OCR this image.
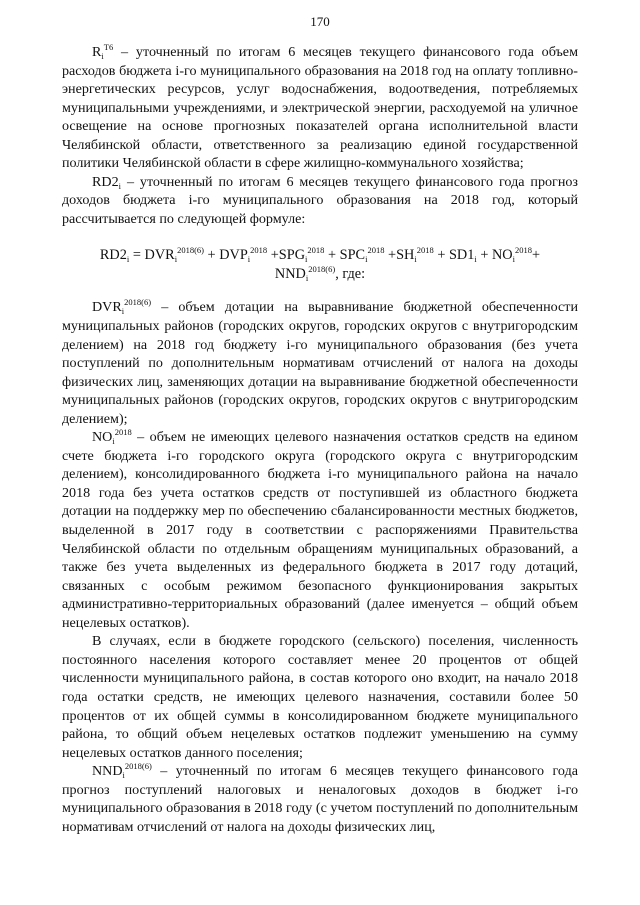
170

$R_i^{T6}$ – уточненный по итогам 6 месяцев текущего финансового года объем расходов бюджета i-го муниципального образования на 2018 год на оплату топливно-энергетических ресурсов, услуг водоснабжения, водоотведения, потребляемых муниципальными учреждениями, и электрической энергии, расходуемой на уличное освещение на основе прогнозных показателей органа исполнительной власти Челябинской области, ответственного за реализацию единой государственной политики Челябинской области в сфере жилищно-коммунального хозяйства;

$RD2_i$ – уточненный по итогам 6 месяцев текущего финансового года прогноз доходов бюджета i-го муниципального образования на 2018 год, который рассчитывается по следующей формуле:

$RD2_i = DVR_i^{2018(6)} + DVP_i^{2018} +SPG_i^{2018} + SPC_i^{2018} +SH_i^{2018} + SD1_i + NO_i^{2018}+$
$NND_i^{2018(6)}$, где:

$DVR_i^{2018(6)}$ – объем дотации на выравнивание бюджетной обеспеченности муниципальных районов (городских округов, городских округов с внутригородским делением) на 2018 год бюджету i-го муниципального образования (без учета поступлений по дополнительным нормативам отчислений от налога на доходы физических лиц, заменяющих дотации на выравнивание бюджетной обеспеченности муниципальных районов (городских округов, городских округов с внутригородским делением);

$NO_i^{2018}$ – объем не имеющих целевого назначения остатков средств на едином счете бюджета i-го городского округа (городского округа с внутригородским делением), консолидированного бюджета i-го муниципального района на начало 2018 года без учета остатков средств от поступившей из областного бюджета дотации на поддержку мер по обеспечению сбалансированности местных бюджетов, выделенной в 2017 году в соответствии с распоряжениями Правительства Челябинской области по отдельным обращениям муниципальных образований, а также без учета выделенных из федерального бюджета в 2017 году дотаций, связанных с особым режимом безопасного функционирования закрытых административно-территориальных образований (далее именуется – общий объем нецелевых остатков).

В случаях, если в бюджете городского (сельского) поселения, численность постоянного населения которого составляет менее 20 процентов от общей численности муниципального района, в состав которого оно входит, на начало 2018 года остатки средств, не имеющих целевого назначения, составили более 50 процентов от их общей суммы в консолидированном бюджете муниципального района, то общий объем нецелевых остатков подлежит уменьшению на сумму нецелевых остатков данного поселения;

$NND_i^{2018(6)}$ – уточненный по итогам 6 месяцев текущего финансового года прогноз поступлений налоговых и неналоговых доходов в бюджет i-го муниципального образования в 2018 году (с учетом поступлений по дополнительным нормативам отчислений от налога на доходы физических лиц,
